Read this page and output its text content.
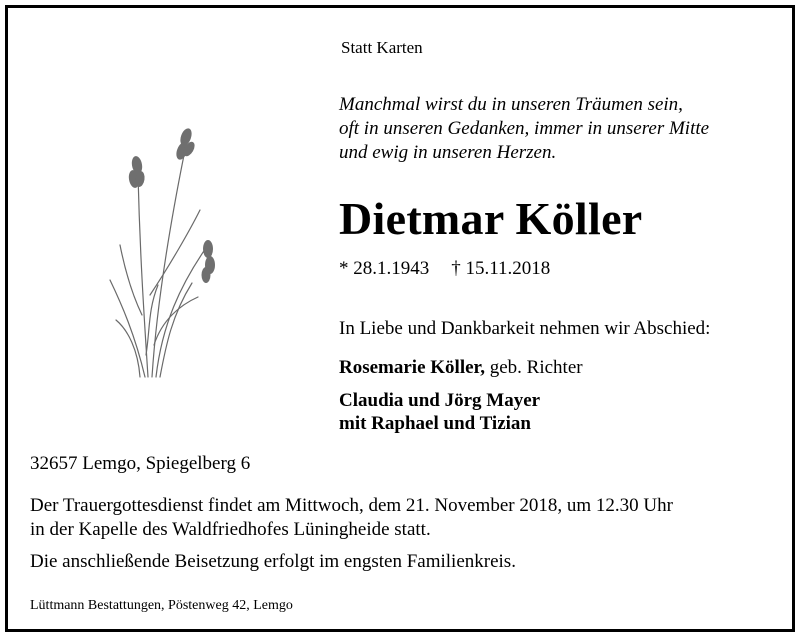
Statt Karten
Manchmal wirst du in unseren Träumen sein,
oft in unseren Gedanken, immer in unserer Mitte
und ewig in unseren Herzen.
Dietmar Köller
* 28.1.1943 † 15.11.2018
In Liebe und Dankbarkeit nehmen wir Abschied:
Rosemarie Köller, geb. Richter
Claudia und Jörg Mayer
mit Raphael und Tizian
32657 Lemgo, Spiegelberg 6
Der Trauergottesdienst findet am Mittwoch, dem 21. November 2018, um 12.30 Uhr
in der Kapelle des Waldfriedhofes Lüningheide statt.
Die anschließende Beisetzung erfolgt im engsten Familienkreis.
Lüttmann Bestattungen, Pöstenweg 42, Lemgo
